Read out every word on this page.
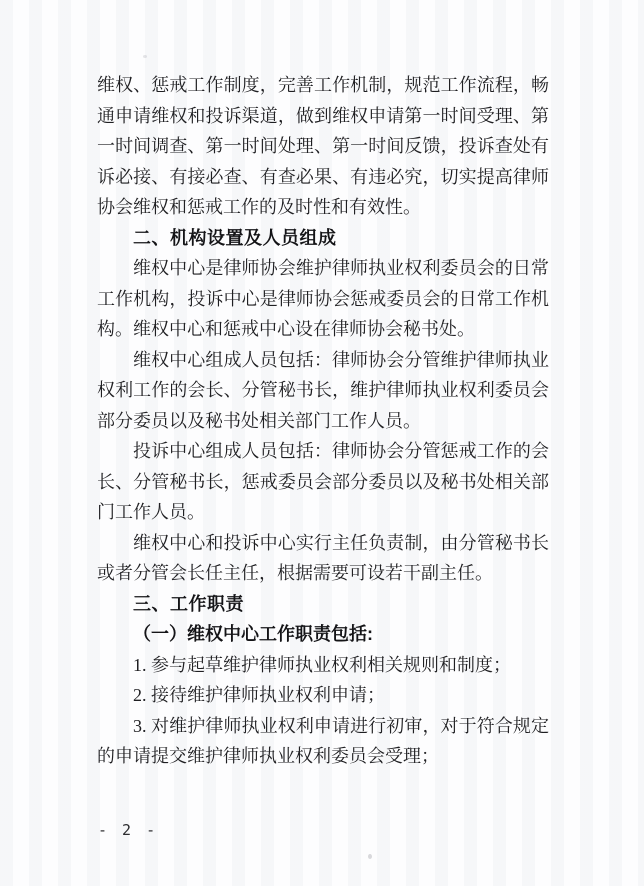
维权、惩戒工作制度，完善工作机制，规范工作流程，畅通申请维权和投诉渠道，做到维权申请第一时间受理、第一时间调查、第一时间处理、第一时间反馈，投诉查处有诉必接、有接必查、有查必果、有违必究，切实提高律师协会维权和惩戒工作的及时性和有效性。

二、机构设置及人员组成

维权中心是律师协会维护律师执业权利委员会的日常工作机构，投诉中心是律师协会惩戒委员会的日常工作机构。维权中心和惩戒中心设在律师协会秘书处。

维权中心组成人员包括：律师协会分管维护律师执业权利工作的会长、分管秘书长，维护律师执业权利委员会部分委员以及秘书处相关部门工作人员。

投诉中心组成人员包括：律师协会分管惩戒工作的会长、分管秘书长，惩戒委员会部分委员以及秘书处相关部门工作人员。

维权中心和投诉中心实行主任负责制，由分管秘书长或者分管会长任主任，根据需要可设若干副主任。

三、工作职责

（一）维权中心工作职责包括:

1. 参与起草维护律师执业权利相关规则和制度；

2. 接待维护律师执业权利申请；

3. 对维护律师执业权利申请进行初审，对于符合规定的申请提交维护律师执业权利委员会受理；

- 2 -
